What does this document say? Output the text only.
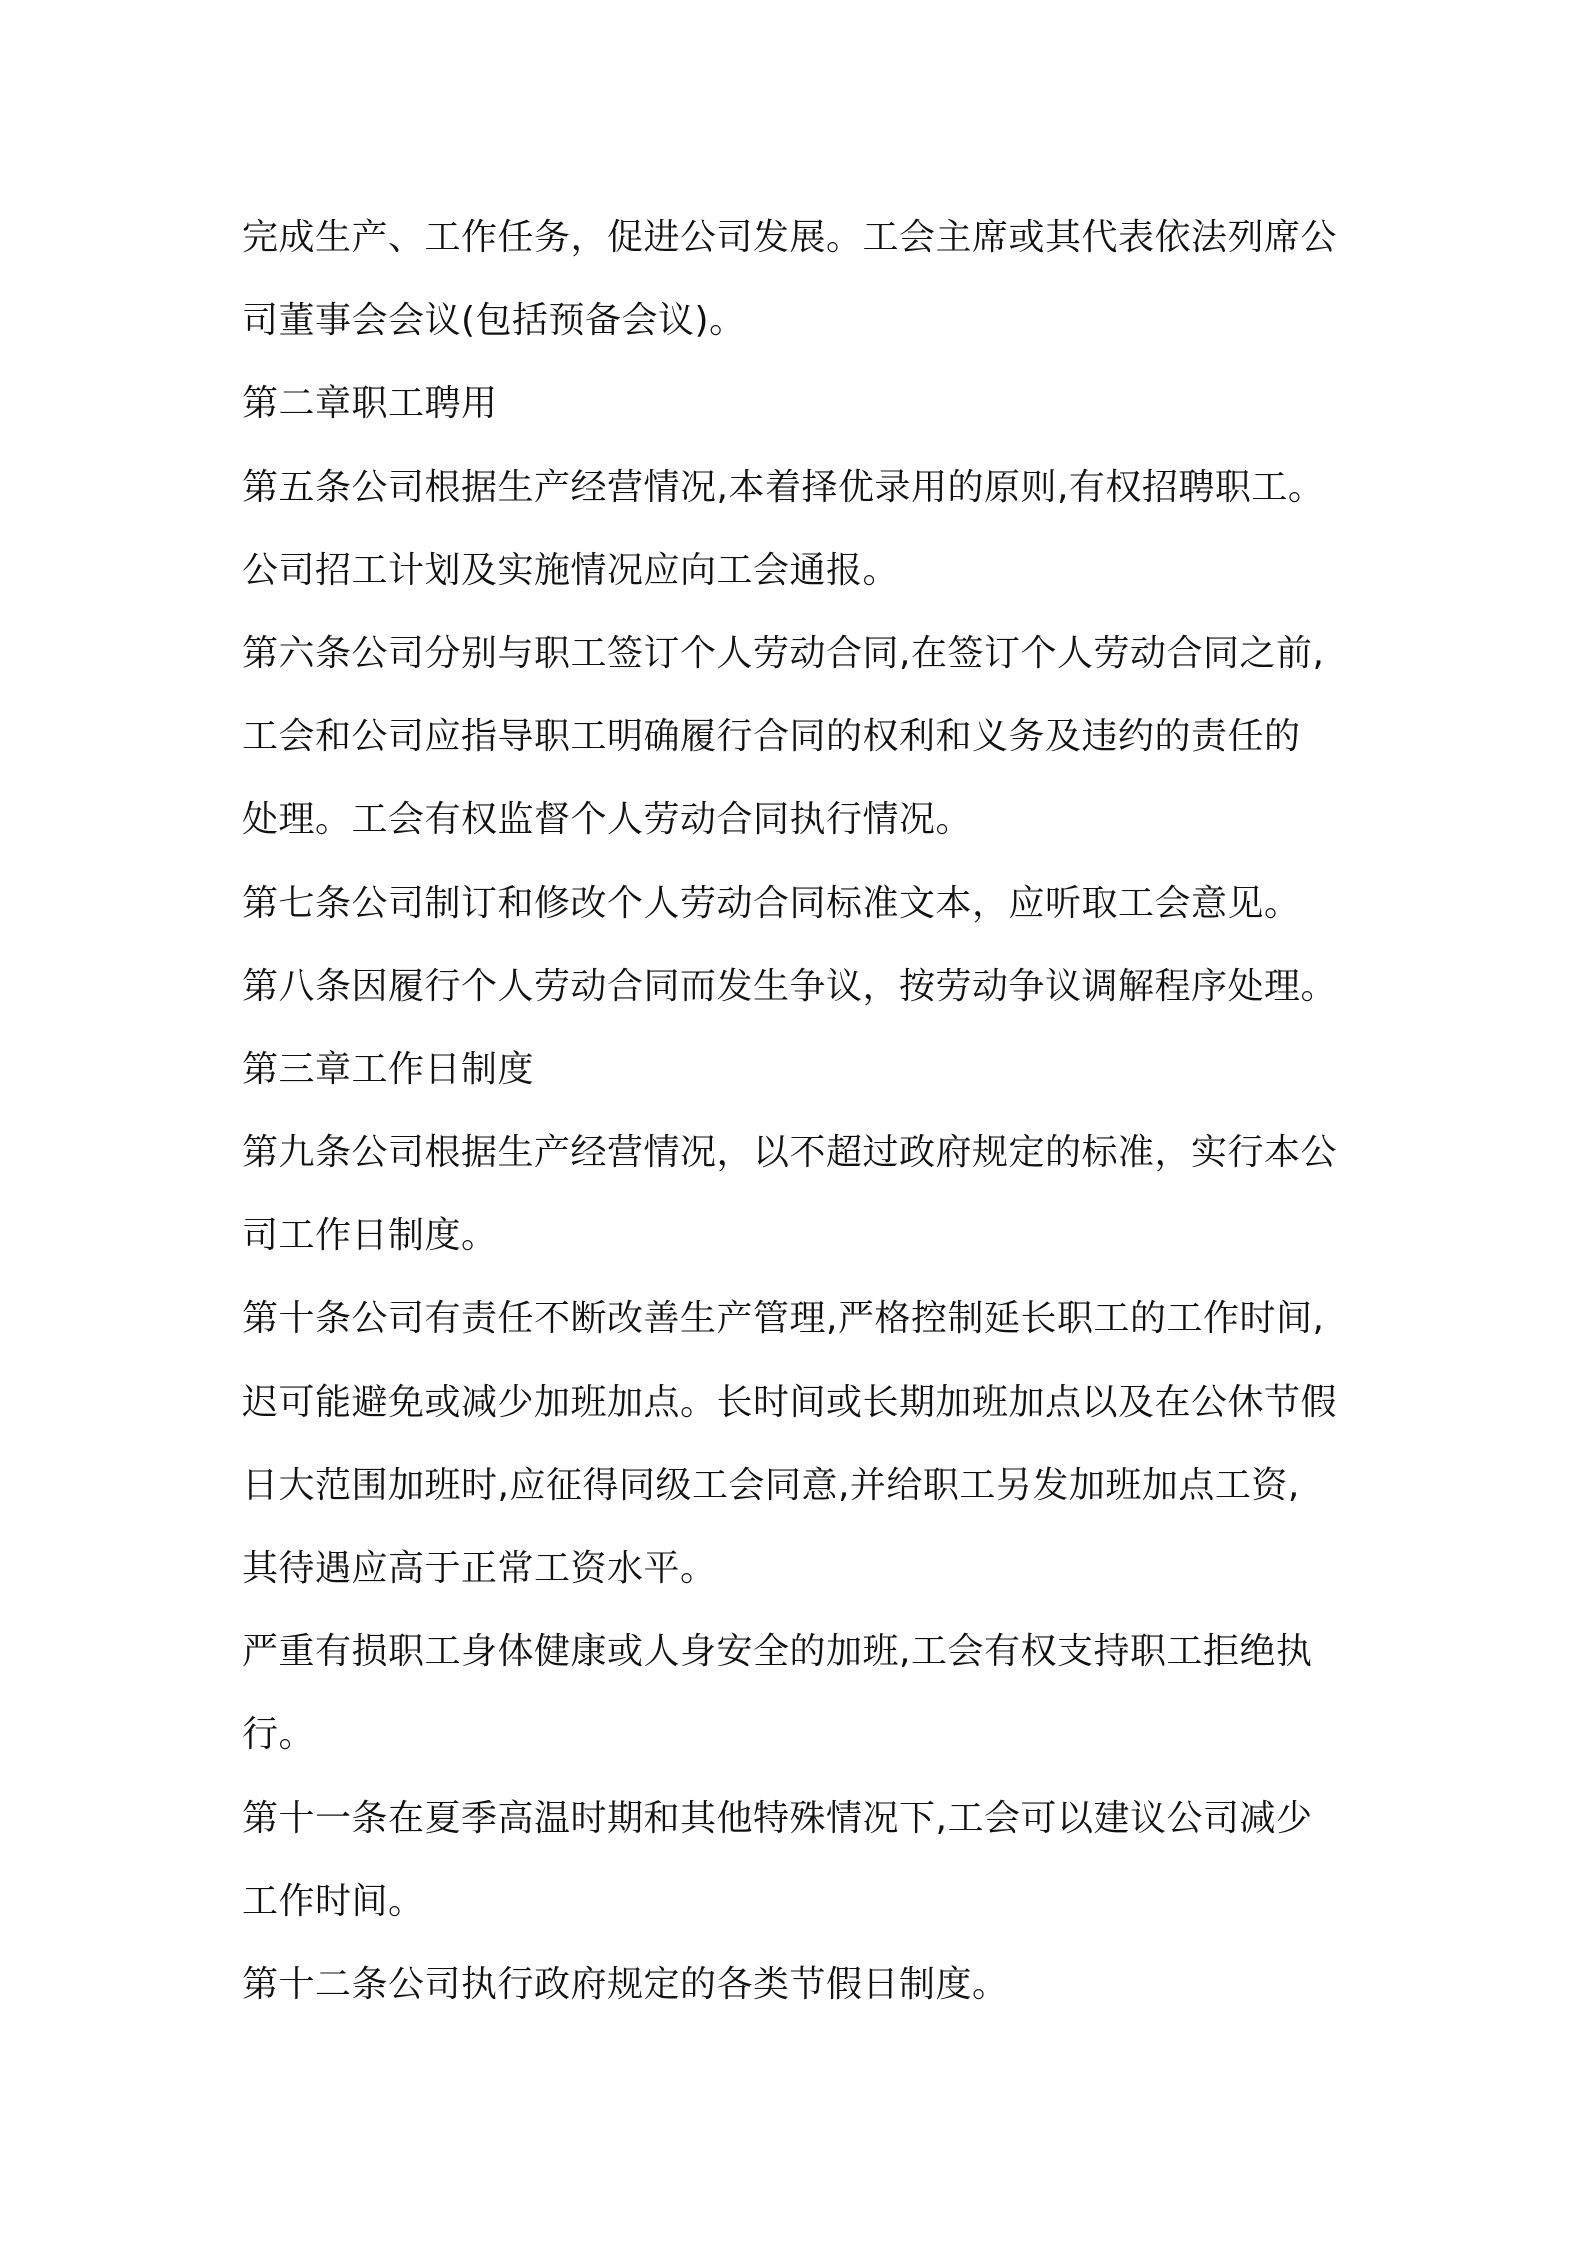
完成生产、工作任务，促进公司发展。工会主席或其代表依法列席公
司董事会会议(包括预备会议)。
第二章职工聘用
第五条公司根据生产经营情况,本着择优录用的原则,有权招聘职工。
公司招工计划及实施情况应向工会通报。
第六条公司分别与职工签订个人劳动合同,在签订个人劳动合同之前,
工会和公司应指导职工明确履行合同的权利和义务及违约的责任的
处理。工会有权监督个人劳动合同执行情况。
第七条公司制订和修改个人劳动合同标准文本，应听取工会意见。
第八条因履行个人劳动合同而发生争议，按劳动争议调解程序处理。
第三章工作日制度
第九条公司根据生产经营情况，以不超过政府规定的标准，实行本公
司工作日制度。
第十条公司有责任不断改善生产管理,严格控制延长职工的工作时间,
迟可能避免或减少加班加点。长时间或长期加班加点以及在公休节假
日大范围加班时,应征得同级工会同意,并给职工另发加班加点工资,
其待遇应高于正常工资水平。
严重有损职工身体健康或人身安全的加班,工会有权支持职工拒绝执
行。
第十一条在夏季高温时期和其他特殊情况下,工会可以建议公司减少
工作时间。
第十二条公司执行政府规定的各类节假日制度。
